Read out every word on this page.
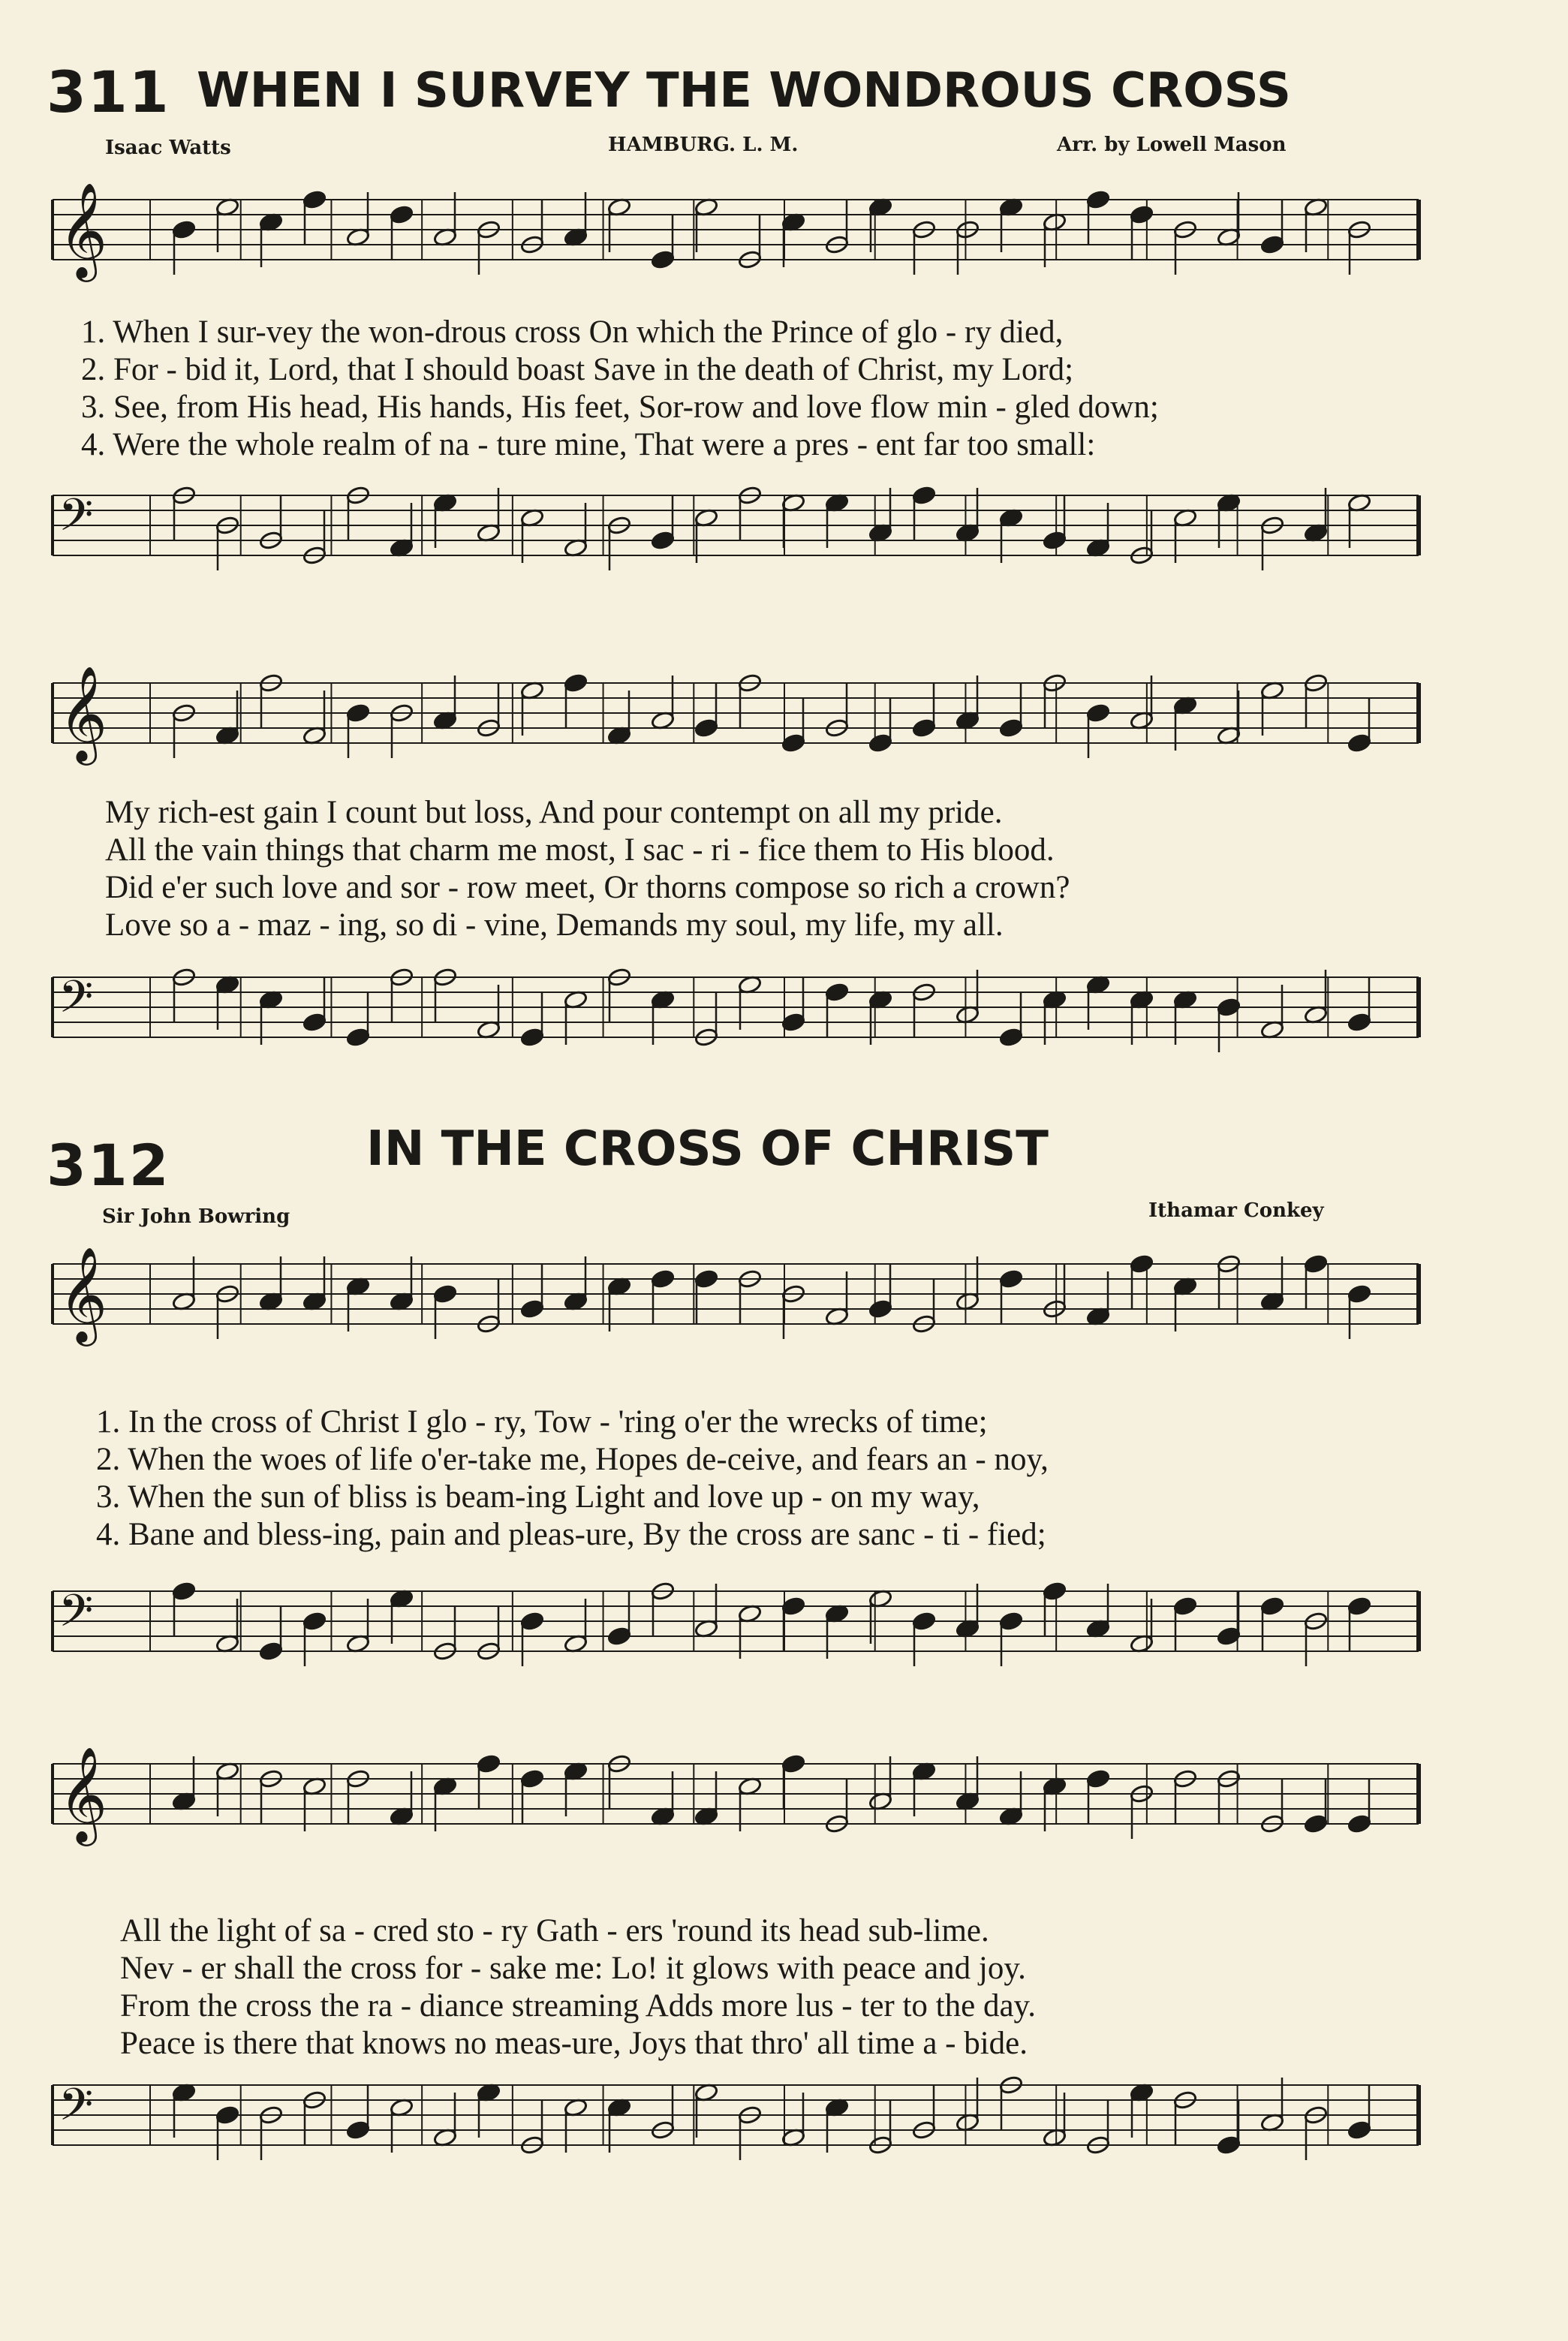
311 WHEN I SURVEY THE WONDROUS CROSS
Isaac Watts	HAMBURG. L. M.	Arr. by Lowell Mason
𝄞
1. When I sur-vey the won-drous cross On which the Prince of glo - ry died,
2. For - bid it, Lord, that I should boast Save in the death of Christ, my Lord;
3. See, from His head, His hands, His feet, Sor-row and love flow min - gled down;
4. Were the whole realm of na - ture mine, That were a pres - ent far too small:
𝄢
𝄞
My rich-est gain I count but loss, And pour contempt on all my pride.
All the vain things that charm me most, I sac - ri - fice them to His blood.
Did e'er such love and sor - row meet, Or thorns compose so rich a crown?
Love so a - maz - ing, so di - vine, Demands my soul, my life, my all.
𝄢
312	IN THE CROSS OF CHRIST
Sir John Bowring	Ithamar Conkey
𝄞
1. In the cross of Christ I glo - ry, Tow - 'ring o'er the wrecks of time;
2. When the woes of life o'er-take me, Hopes de-ceive, and fears an - noy,
3. When the sun of bliss is beam-ing Light and love up - on my way,
4. Bane and bless-ing, pain and pleas-ure, By the cross are sanc - ti - fied;
𝄢
𝄞
All the light of sa - cred sto - ry Gath - ers 'round its head sub-lime.
Nev - er shall the cross for - sake me: Lo! it glows with peace and joy.
From the cross the ra - diance streaming Adds more lus - ter to the day.
Peace is there that knows no meas-ure, Joys that thro' all time a - bide.
𝄢
